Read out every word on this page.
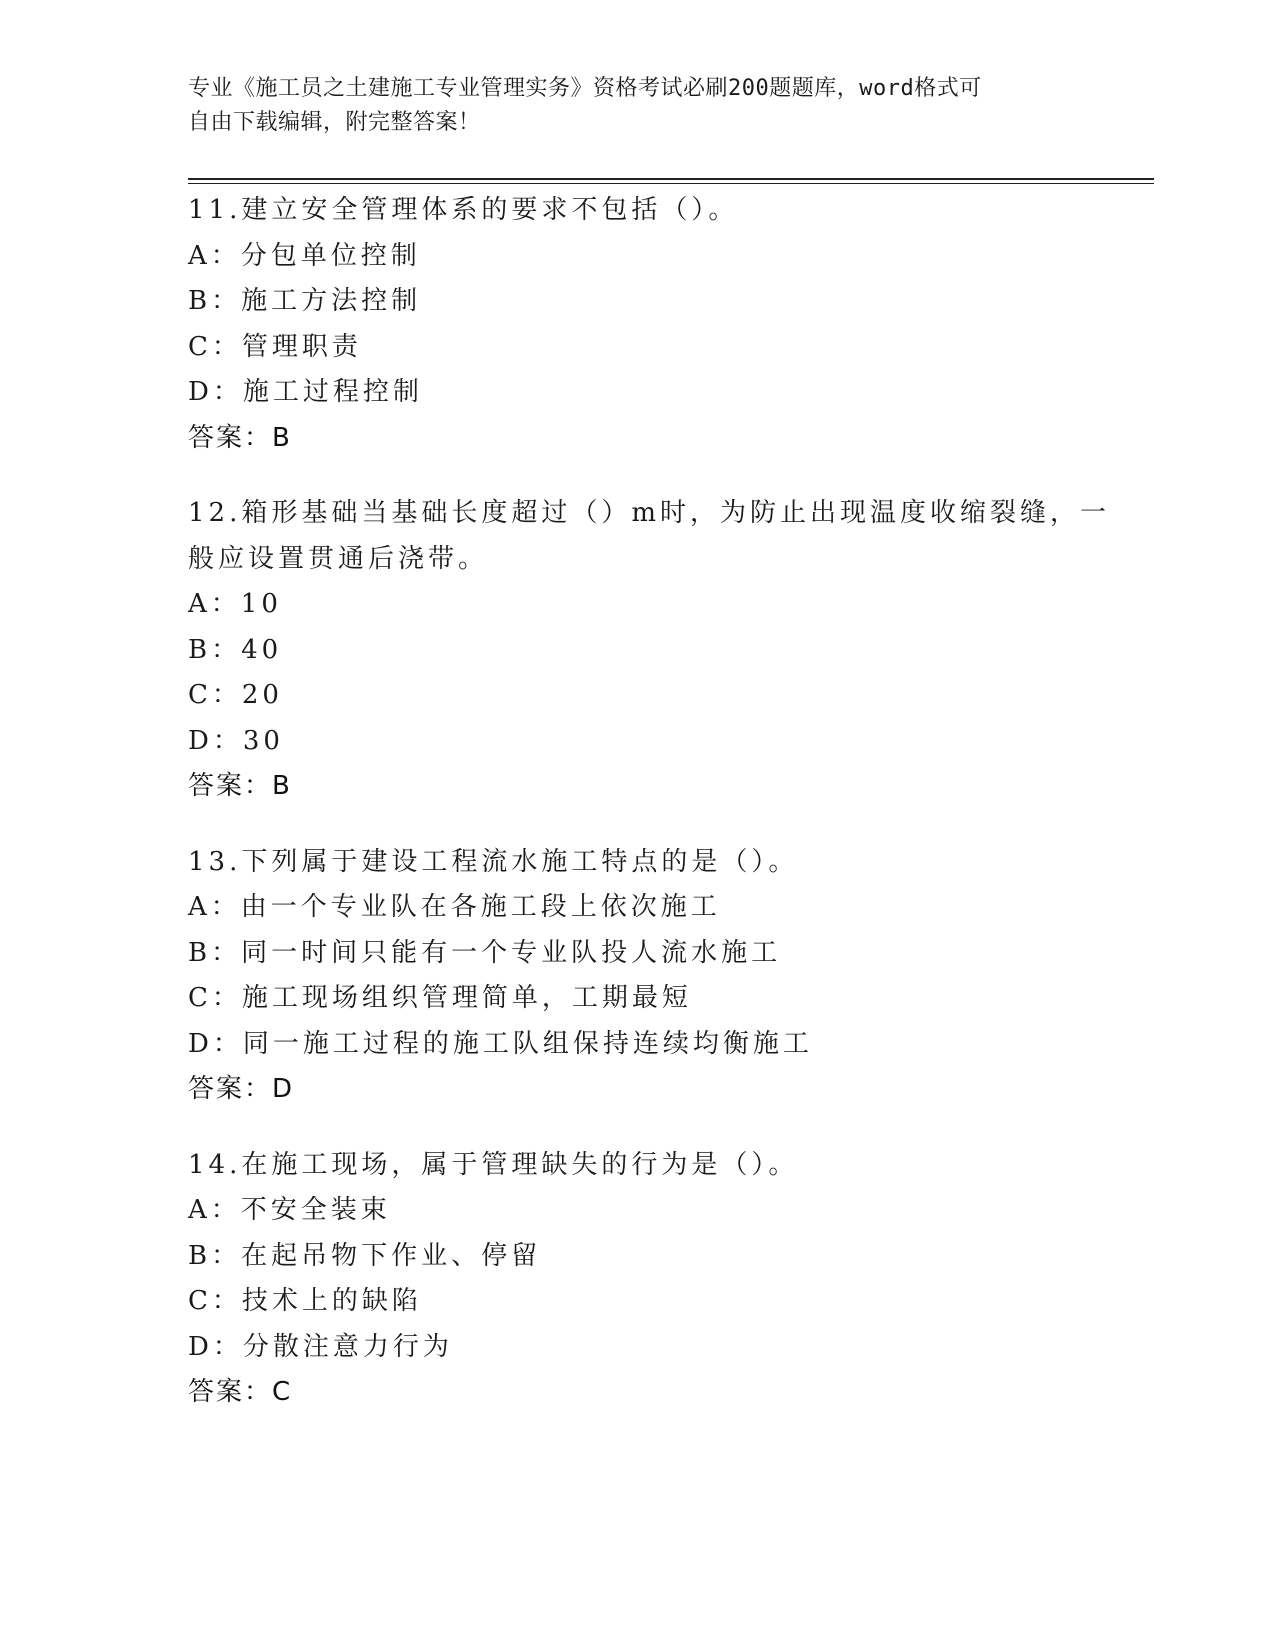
专业《施工员之土建施工专业管理实务》资格考试必刷200题题库，word格式可
自由下载编辑，附完整答案！
11.建立安全管理体系的要求不包括（）。
A：分包单位控制
B：施工方法控制
C：管理职责
D：施工过程控制
答案：B
12.箱形基础当基础长度超过（）m时，为防止出现温度收缩裂缝，一
般应设置贯通后浇带。
A：10
B：40
C：20
D：30
答案：B
13.下列属于建设工程流水施工特点的是（）。
A：由一个专业队在各施工段上依次施工
B：同一时间只能有一个专业队投人流水施工
C：施工现场组织管理简单，工期最短
D：同一施工过程的施工队组保持连续均衡施工
答案：D
14.在施工现场，属于管理缺失的行为是（）。
A：不安全装束
B：在起吊物下作业、停留
C：技术上的缺陷
D：分散注意力行为
答案：C
